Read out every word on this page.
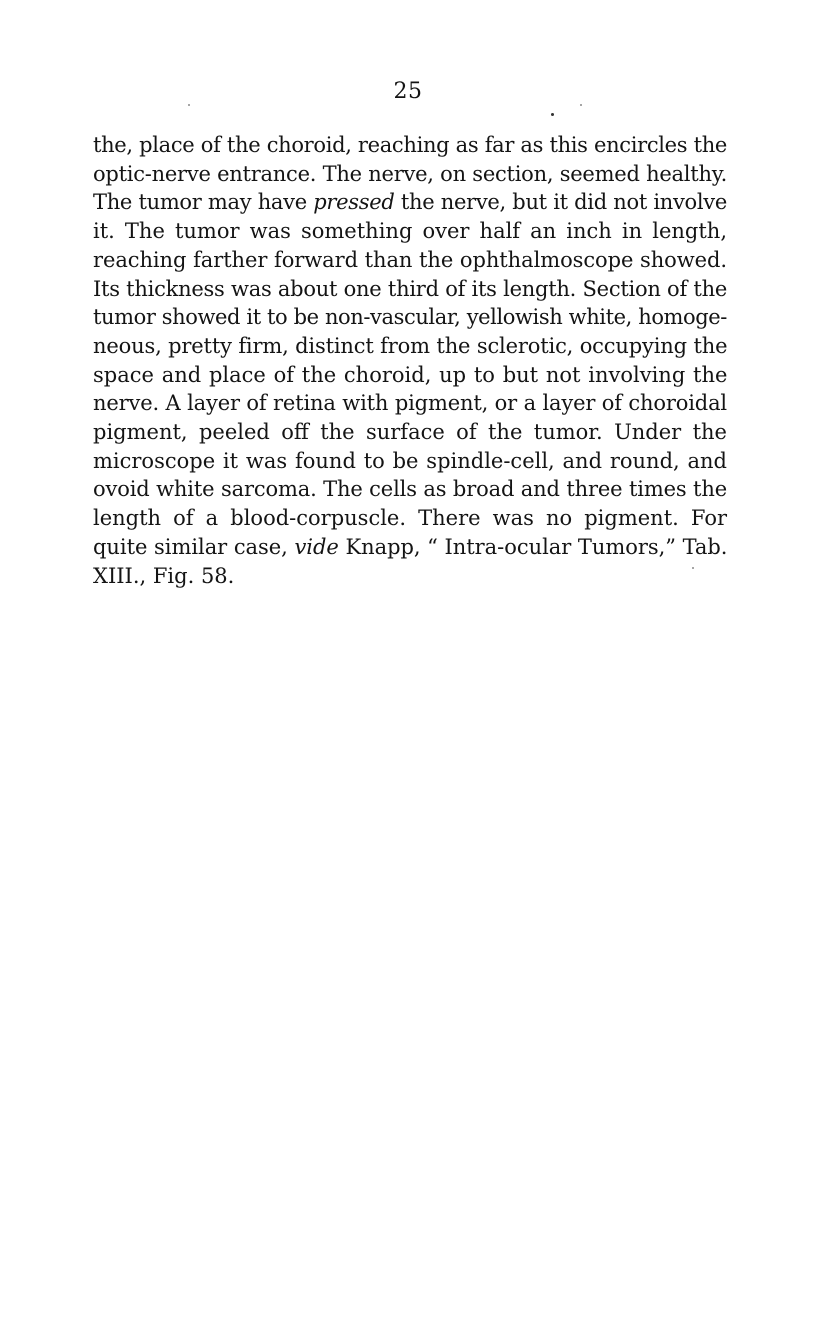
25
the, place of the choroid, reaching as far as this encircles the
optic-nerve entrance. The nerve, on section, seemed healthy.
The tumor may have pressed the nerve, but it did not involve
it. The tumor was something over half an inch in length,
reaching farther forward than the ophthalmoscope showed.
Its thickness was about one third of its length. Section of the
tumor showed it to be non-vascular, yellowish white, homoge-
neous, pretty firm, distinct from the sclerotic, occupying the
space and place of the choroid, up to but not involving the
nerve. A layer of retina with pigment, or a layer of choroidal
pigment, peeled off the surface of the tumor. Under the
microscope it was found to be spindle-cell, and round, and
ovoid white sarcoma. The cells as broad and three times the
length of a blood-corpuscle. There was no pigment. For
quite similar case, vide Knapp, “ Intra-ocular Tumors,” Tab.
XIII., Fig. 58.
